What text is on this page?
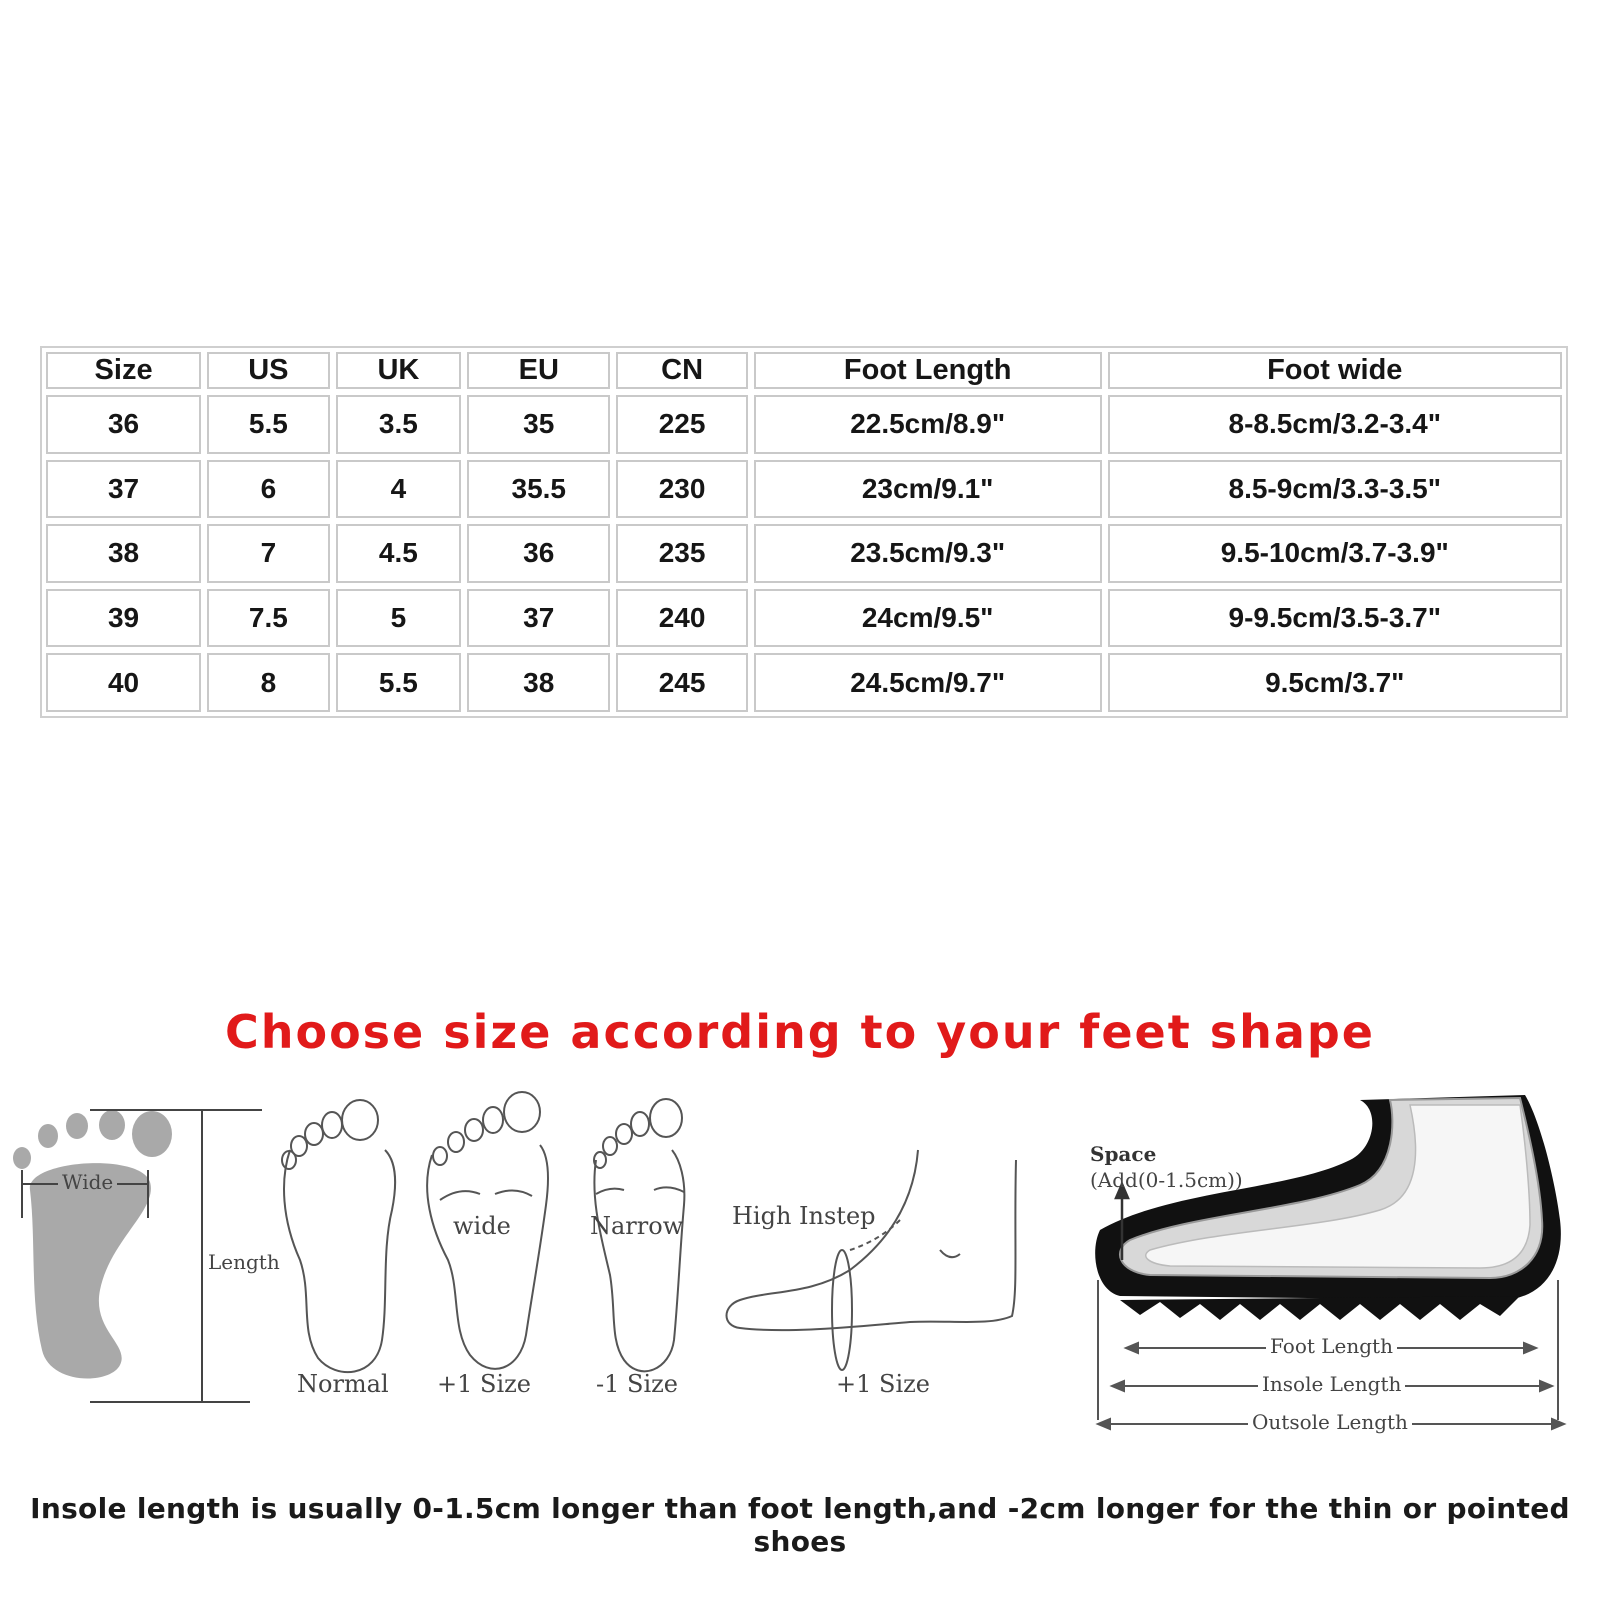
Size	US	UK	EU	CN	Foot Length	Foot wide
36	5.5	3.5	35	225	22.5cm/8.9"	8-8.5cm/3.2-3.4"
37	6	4	35.5	230	23cm/9.1"	8.5-9cm/3.3-3.5"
38	7	4.5	36	235	23.5cm/9.3"	9.5-10cm/3.7-3.9"
39	7.5	5	37	240	24cm/9.5"	9-9.5cm/3.5-3.7"
40	8	5.5	38	245	24.5cm/9.7"	9.5cm/3.7"
Choose size according to your feet shape
Wide
Length
wide	Narrow High Instep
Normal +1 Size	-1 Size	+1 Size
Space
(Add(0-1.5cm))
Foot Length
Insole Length
Outsole Length
Insole length is usually 0-1.5cm longer than foot length,and -2cm longer for the thin or pointed shoes
